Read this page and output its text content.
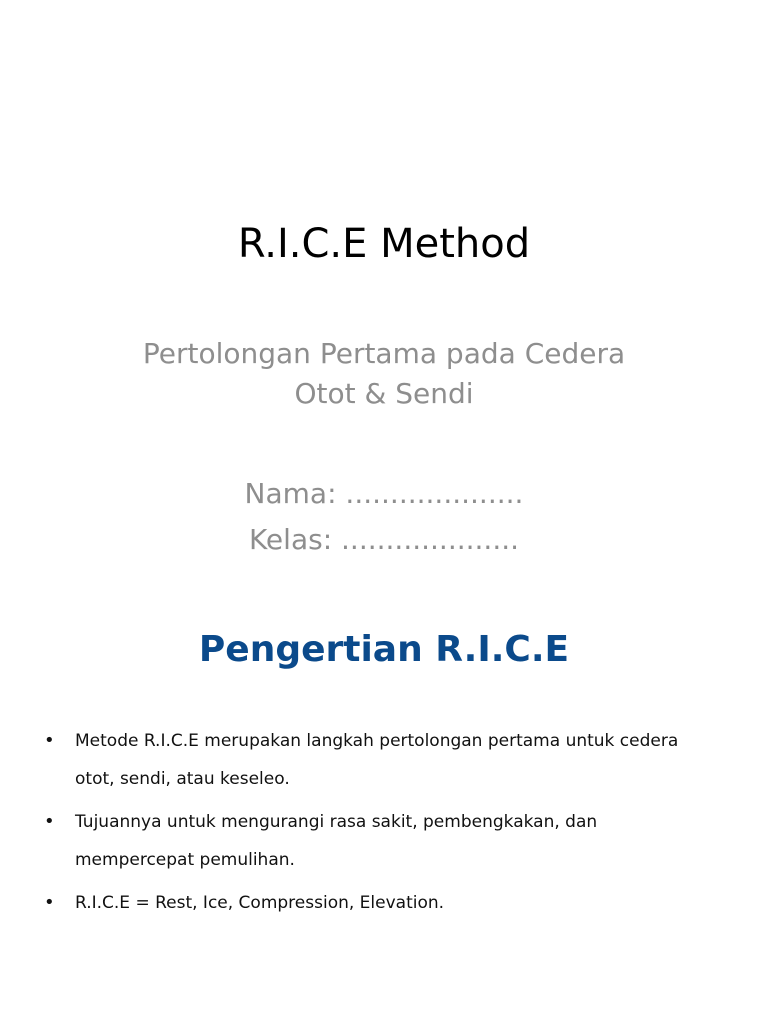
R.I.C.E Method
Pertolongan Pertama pada Cedera
Otot & Sendi
Nama: ....................
Kelas: ....................
Pengertian R.I.C.E
• Metode R.I.C.E merupakan langkah pertolongan pertama untuk cedera otot, sendi, atau keseleo.
• Tujuannya untuk mengurangi rasa sakit, pembengkakan, dan mempercepat pemulihan.
• R.I.C.E = Rest, Ice, Compression, Elevation.
